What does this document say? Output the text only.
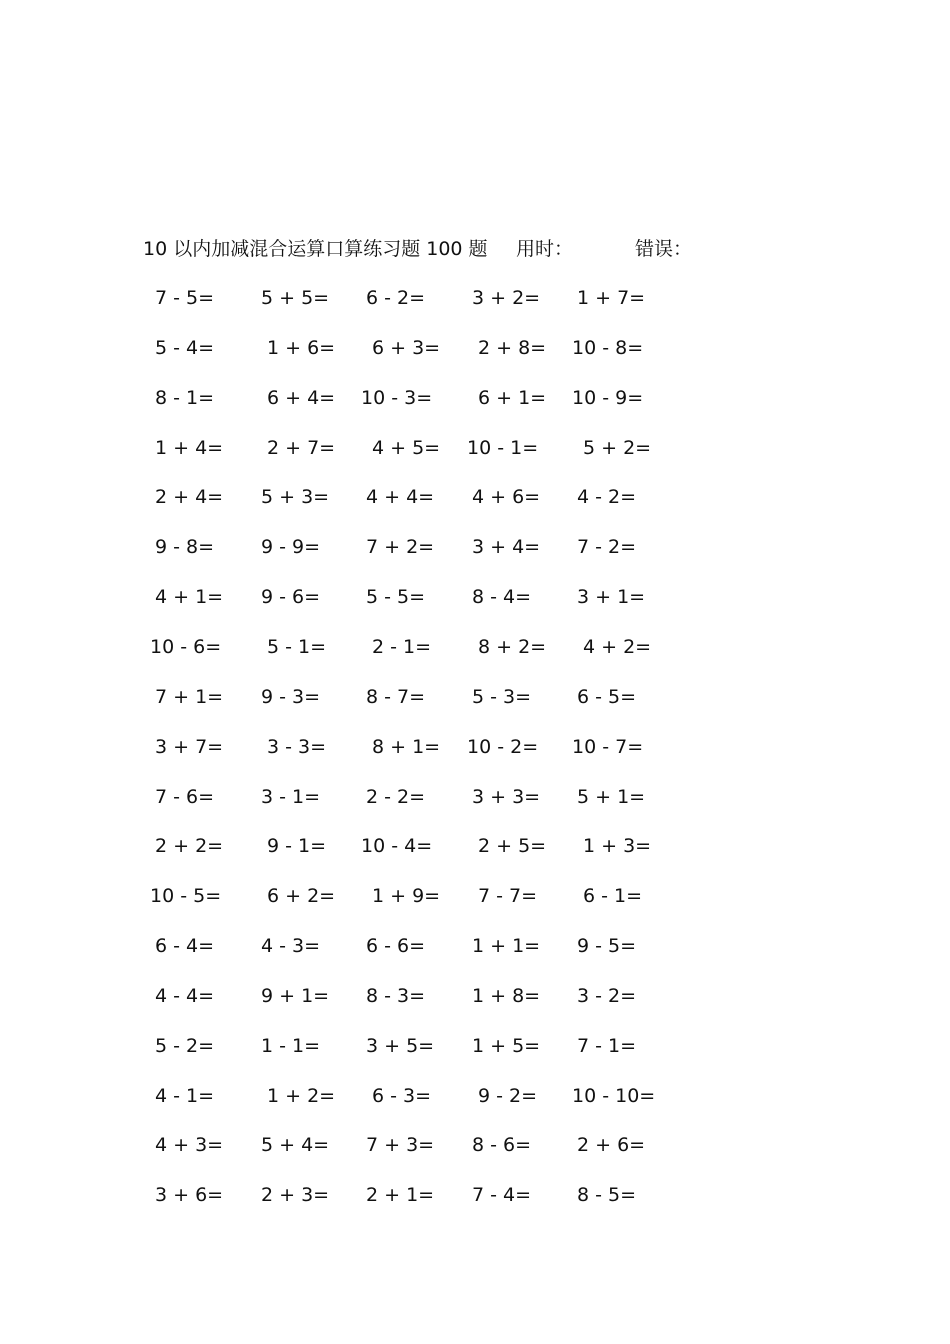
10 以内加减混合运算口算练习题 100 题 用时：	错误：
7 - 5= 5 + 5= 6 - 2= 3 + 2= 1 + 7=
5 - 4=	1 + 6= 6 + 3= 2 + 8= 10 - 8=
8 - 1=	6 + 4= 10 - 3= 6 + 1= 10 - 9=
1 + 4= 2 + 7= 4 + 5= 10 - 1= 5 + 2=
2 + 4= 5 + 3= 4 + 4= 4 + 6= 4 - 2=
9 - 8= 9 - 9= 7 + 2= 3 + 4= 7 - 2=
4 + 1= 9 - 6= 5 - 5= 8 - 4= 3 + 1=
10 - 6= 5 - 1= 2 - 1= 8 + 2= 4 + 2=
7 + 1= 9 - 3= 8 - 7= 5 - 3= 6 - 5=
3 + 7= 3 - 3= 8 + 1= 10 - 2= 10 - 7=
7 - 6= 3 - 1= 2 - 2= 3 + 3= 5 + 1=
2 + 2= 9 - 1= 10 - 4= 2 + 5= 1 + 3=
10 - 5= 6 + 2= 1 + 9= 7 - 7= 6 - 1=
6 - 4= 4 - 3= 6 - 6= 1 + 1= 9 - 5=
4 - 4= 9 + 1= 8 - 3= 1 + 8= 3 - 2=
5 - 2= 1 - 1= 3 + 5= 1 + 5= 7 - 1=
4 - 1=	1 + 2= 6 - 3= 9 - 2= 10 - 10=
4 + 3= 5 + 4= 7 + 3= 8 - 6= 2 + 6=
3 + 6= 2 + 3= 2 + 1= 7 - 4= 8 - 5=
